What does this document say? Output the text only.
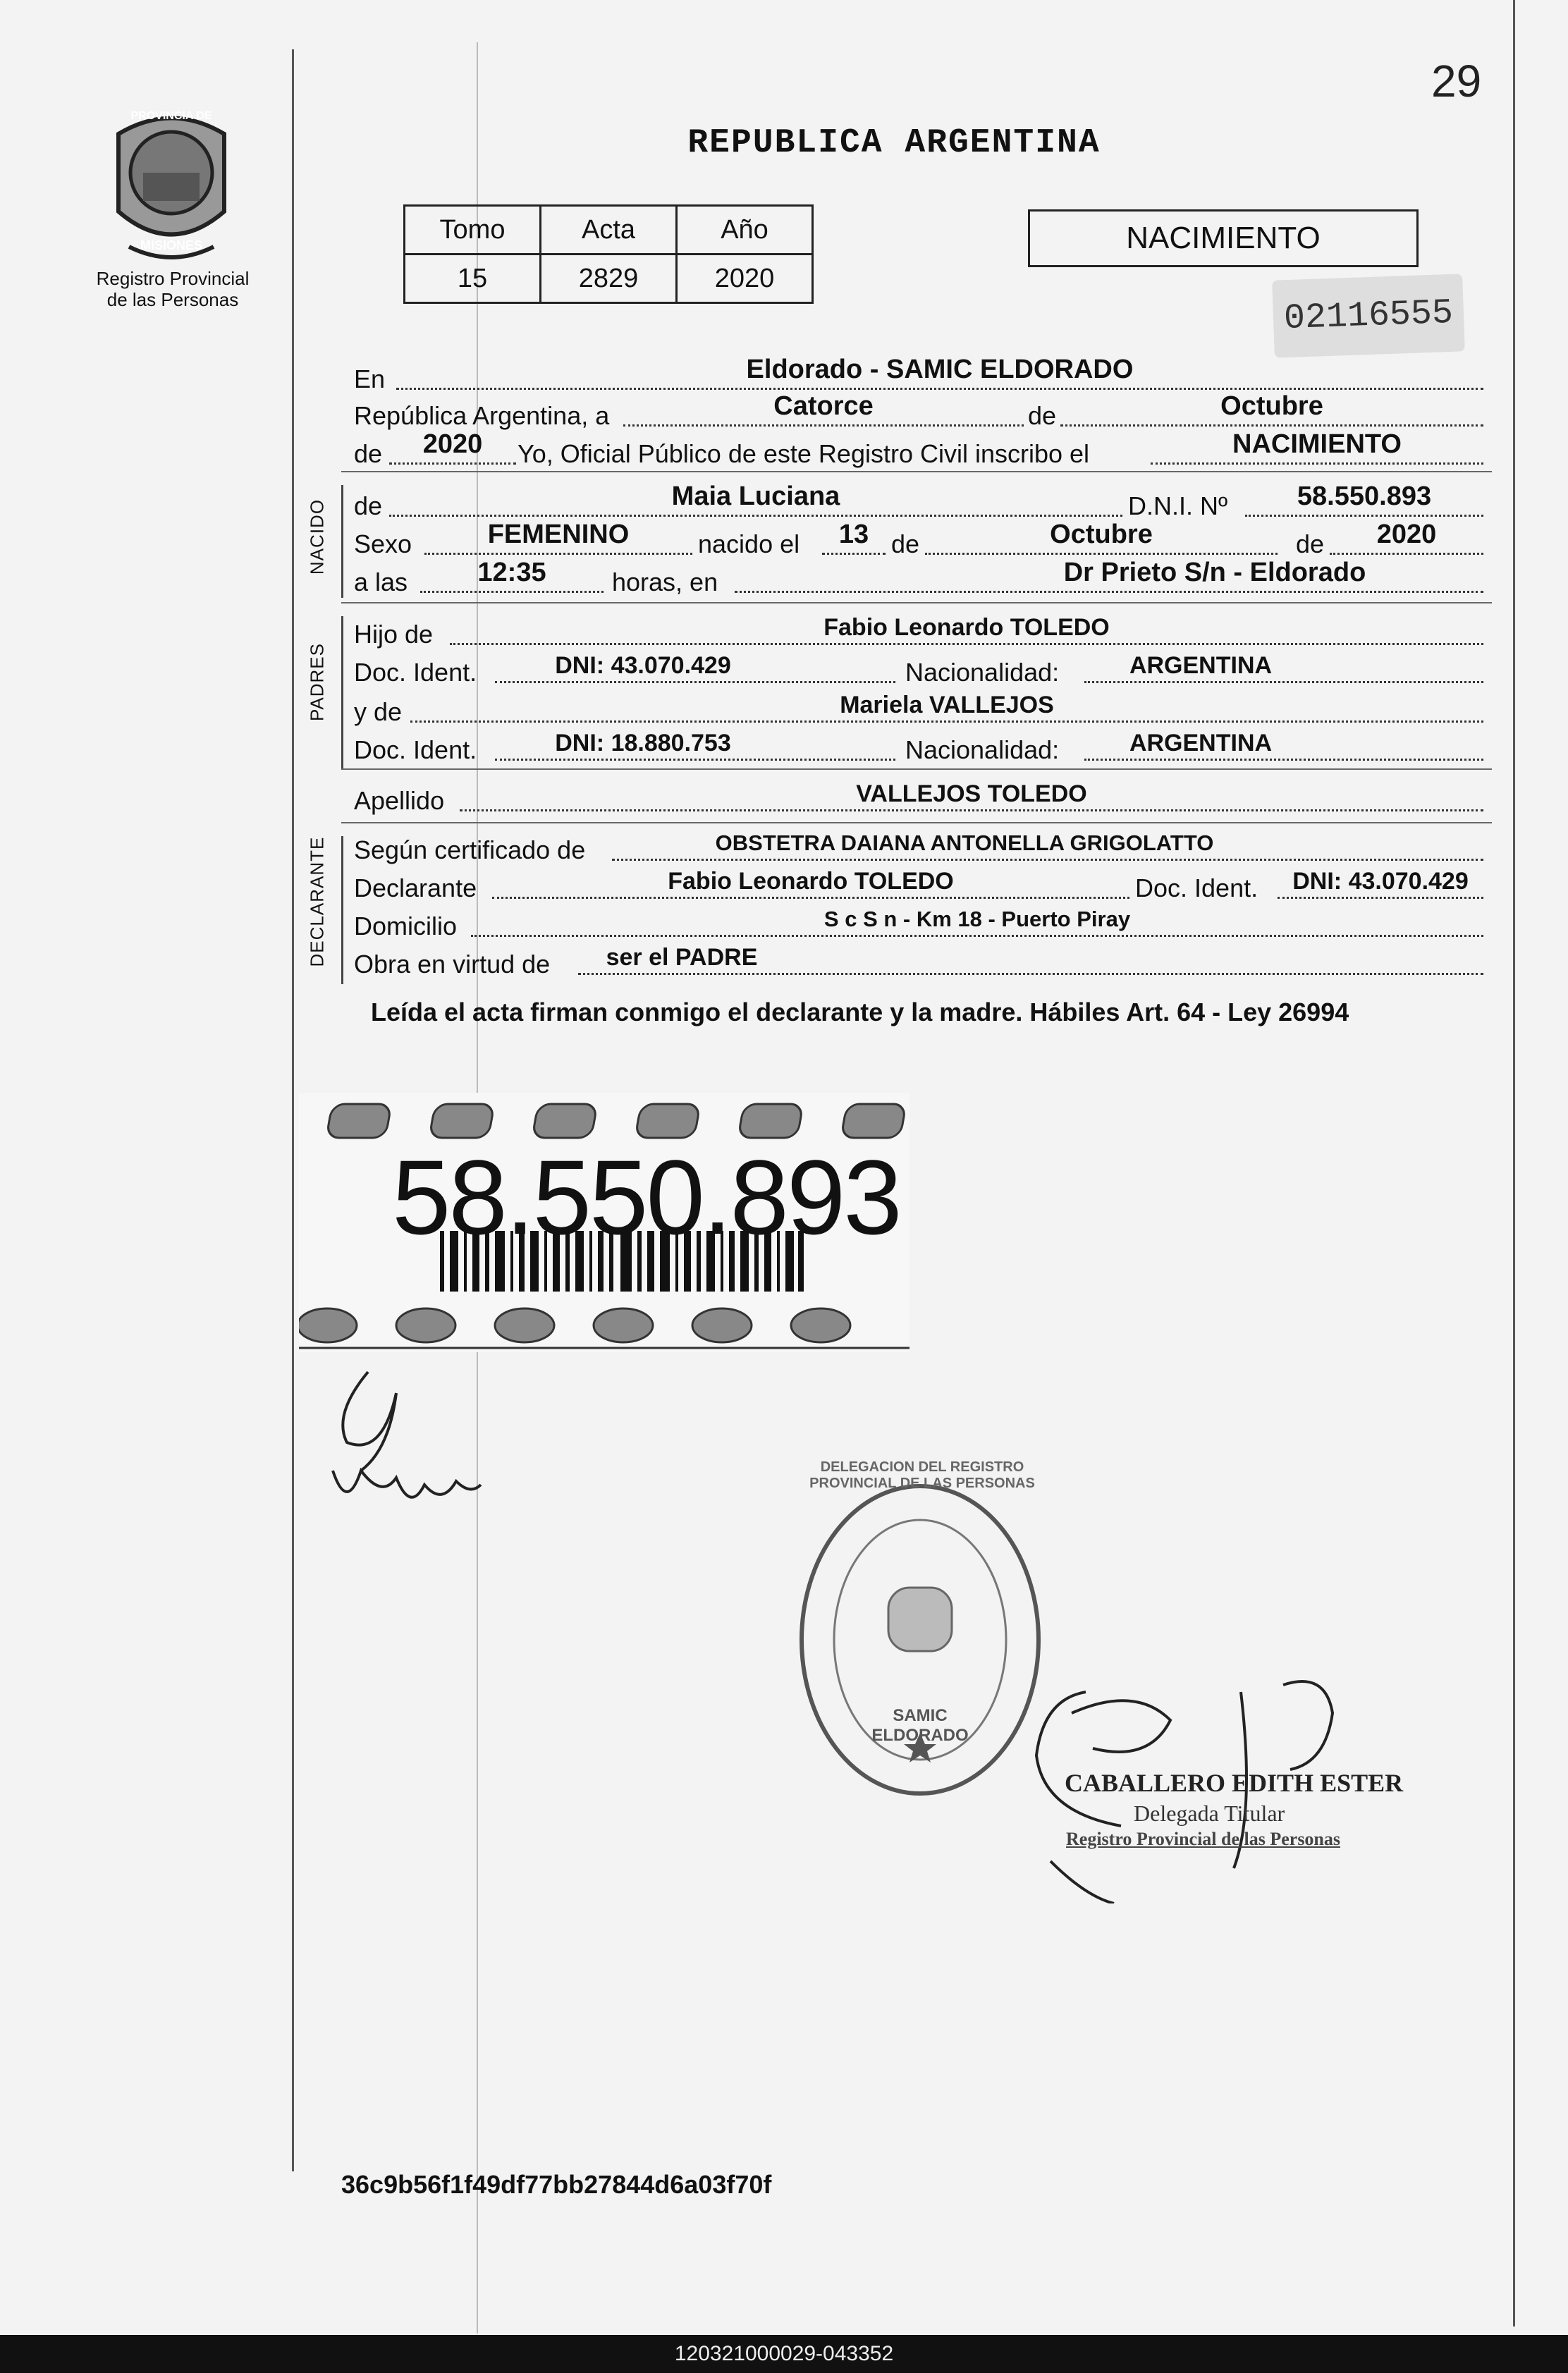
29
REPUBLICA ARGENTINA
PROVINCIA DE
MISIONES
Registro Provincial
de las Personas
Tomo	Acta	Año
15	2829	2020
NACIMIENTO
02116555
En	Eldorado - SAMIC ELDORADO
República Argentina, a	Catorce	de	Octubre
de	2020	Yo, Oficial Público de este Registro Civil inscribo el	NACIMIENTO
NACIDO de	Maia Luciana	D.N.I. Nº	58.550.893
Sexo	FEMENINO	nacido el	13 de	Octubre	de	2020
a las	12:35	horas, en	Dr Prieto S/n - Eldorado
PADRES
Hijo de	Fabio Leonardo TOLEDO
Doc. Ident.	DNI: 43.070.429	Nacionalidad:	ARGENTINA
y de	Mariela VALLEJOS
Doc. Ident.	DNI: 18.880.753	Nacionalidad:	ARGENTINA
Apellido	VALLEJOS TOLEDO
DECLARANTE Según certificado de	OBSTETRA DAIANA ANTONELLA GRIGOLATTO
Declarante	Fabio Leonardo TOLEDO	Doc. Ident.	DNI: 43.070.429
Domicilio	S c S n - Km 18 - Puerto Piray
Obra en virtud de	ser el PADRE
Leída el acta firman conmigo el declarante y la madre. Hábiles Art. 64 - Ley 26994
58.550.893
DELEGACION DEL REGISTRO PROVINCIAL DE LAS PERSONAS
SAMIC ELDORADO
CABALLERO EDITH ESTER
Delegada Titular
Registro Provincial de las Personas
36c9b56f1f49df77bb27844d6a03f70f
120321000029-043352
